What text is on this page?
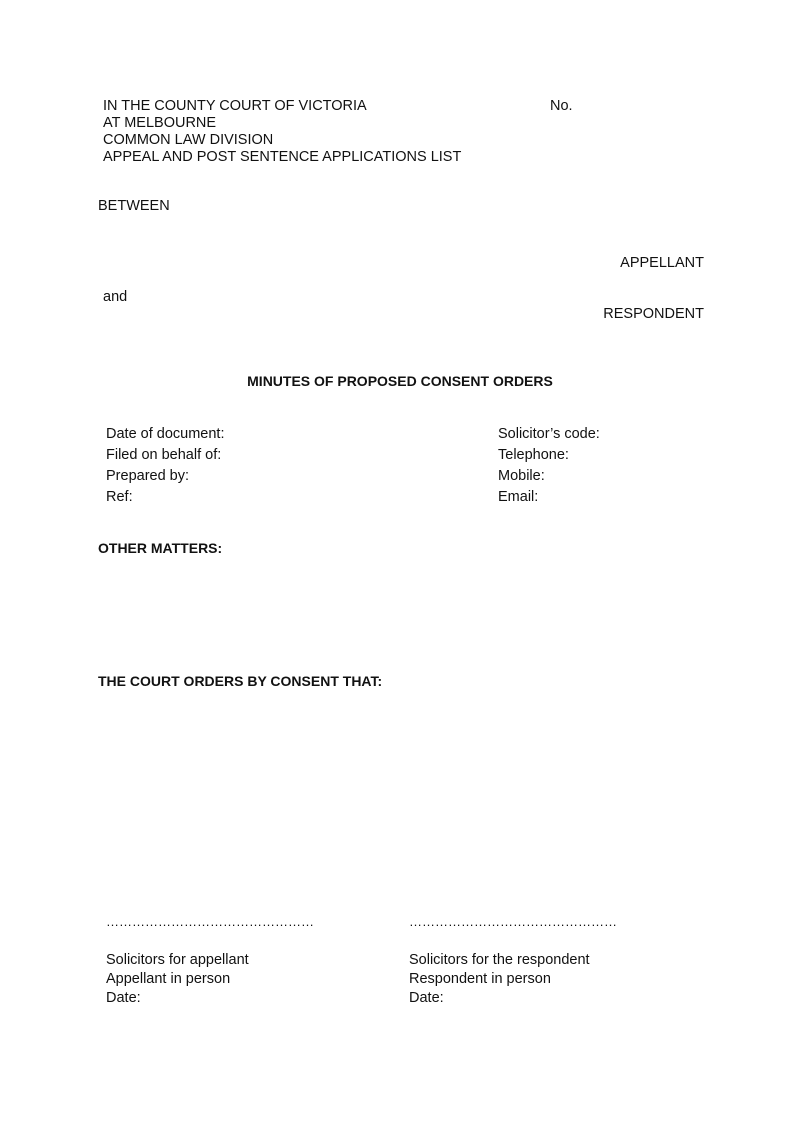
IN THE COUNTY COURT OF VICTORIA
AT MELBOURNE
COMMON LAW DIVISION
APPEAL AND POST SENTENCE APPLICATIONS LIST
No.
BETWEEN
APPELLANT
and
RESPONDENT
MINUTES OF PROPOSED CONSENT ORDERS
Date of document:
Filed on behalf of:
Prepared by:
Ref:
Solicitor’s code:
Telephone:
Mobile:
Email:
OTHER MATTERS:
THE COURT ORDERS BY CONSENT THAT:
…………………………………………	…………………………………………
Solicitors for appellant
Appellant in person
Date:
Solicitors for the respondent
Respondent in person
Date:
